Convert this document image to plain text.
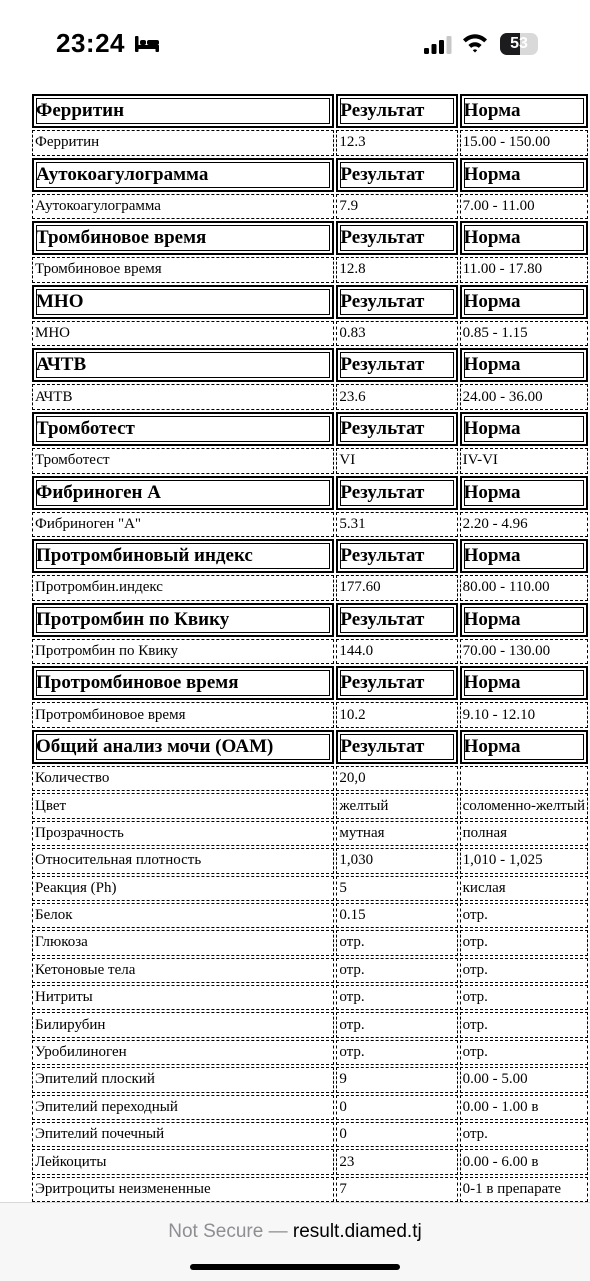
23:24	53
Ферритин	Результат	Норма
Ферритин	12.3	15.00 - 150.00
Аутокоагулограмма	Результат	Норма
Аутокоагулограмма	7.9	7.00 - 11.00
Тромбиновое время	Результат	Норма
Тромбиновое время	12.8	11.00 - 17.80
МНО	Результат	Норма
МНО	0.83	0.85 - 1.15
АЧТВ	Результат	Норма
АЧТВ	23.6	24.00 - 36.00
Тромботест	Результат	Норма
Тромботест	VI	IV-VI
Фибриноген А	Результат	Норма
Фибриноген "А"	5.31	2.20 - 4.96
Протромбиновый индекс	Результат	Норма
Протромбин.индекс	177.60	80.00 - 110.00
Протромбин по Квику	Результат	Норма
Протромбин по Квику	144.0	70.00 - 130.00
Протромбиновое время	Результат	Норма
Протромбиновое время	10.2	9.10 - 12.10
Общий анализ мочи (ОАМ)	Результат	Норма
Количество	20,0	
Цвет	желтый	соломенно-желтый
Прозрачность	мутная	полная
Относительная плотность	1,030	1,010 - 1,025
Реакция (Ph)	5	кислая
Белок	0.15	отр.
Глюкоза	отр.	отр.
Кетоновые тела	отр.	отр.
Нитриты	отр.	отр.
Билирубин	отр.	отр.
Уробилиноген	отр.	отр.
Эпителий плоский	9	0.00 - 5.00
Эпителий переходный	0	0.00 - 1.00 в
Эпителий почечный	0	отр.
Лейкоциты	23	0.00 - 6.00 в
Эритроциты неизмененные	7	0-1 в препарате

Not Secure — result.diamed.tj
